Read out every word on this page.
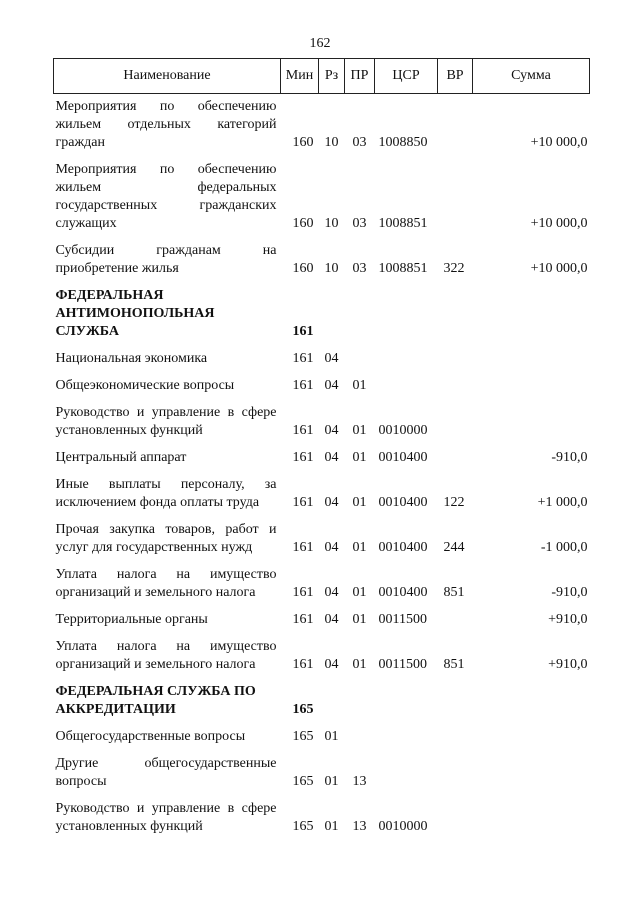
162
Наименование	Мин	Рз	ПР	ЦСР	ВР	Сумма
Мероприятия по обеспечению жильем отдельных категорий граждан	160	10	03	1008850		+10 000,0
Мероприятия по обеспечению жильем федеральных государственных гражданских служащих	160	10	03	1008851		+10 000,0
Субсидии гражданам на приобретение жилья	160	10	03	1008851	322	+10 000,0
ФЕДЕРАЛЬНАЯ АНТИМОНОПОЛЬНАЯ СЛУЖБА	161					
Национальная экономика	161	04				
Общеэкономические вопросы	161	04	01			
Руководство и управление в сфере установленных функций	161	04	01	0010000		
Центральный аппарат	161	04	01	0010400		-910,0
Иные выплаты персоналу, за исключением фонда оплаты труда	161	04	01	0010400	122	+1 000,0
Прочая закупка товаров, работ и услуг для государственных нужд	161	04	01	0010400	244	-1 000,0
Уплата налога на имущество организаций и земельного налога	161	04	01	0010400	851	-910,0
Территориальные органы	161	04	01	0011500		+910,0
Уплата налога на имущество организаций и земельного налога	161	04	01	0011500	851	+910,0
ФЕДЕРАЛЬНАЯ СЛУЖБА ПО АККРЕДИТАЦИИ	165					
Общегосударственные вопросы	165	01				
Другие общегосударственные вопросы	165	01	13			
Руководство и управление в сфере установленных функций	165	01	13	0010000		
